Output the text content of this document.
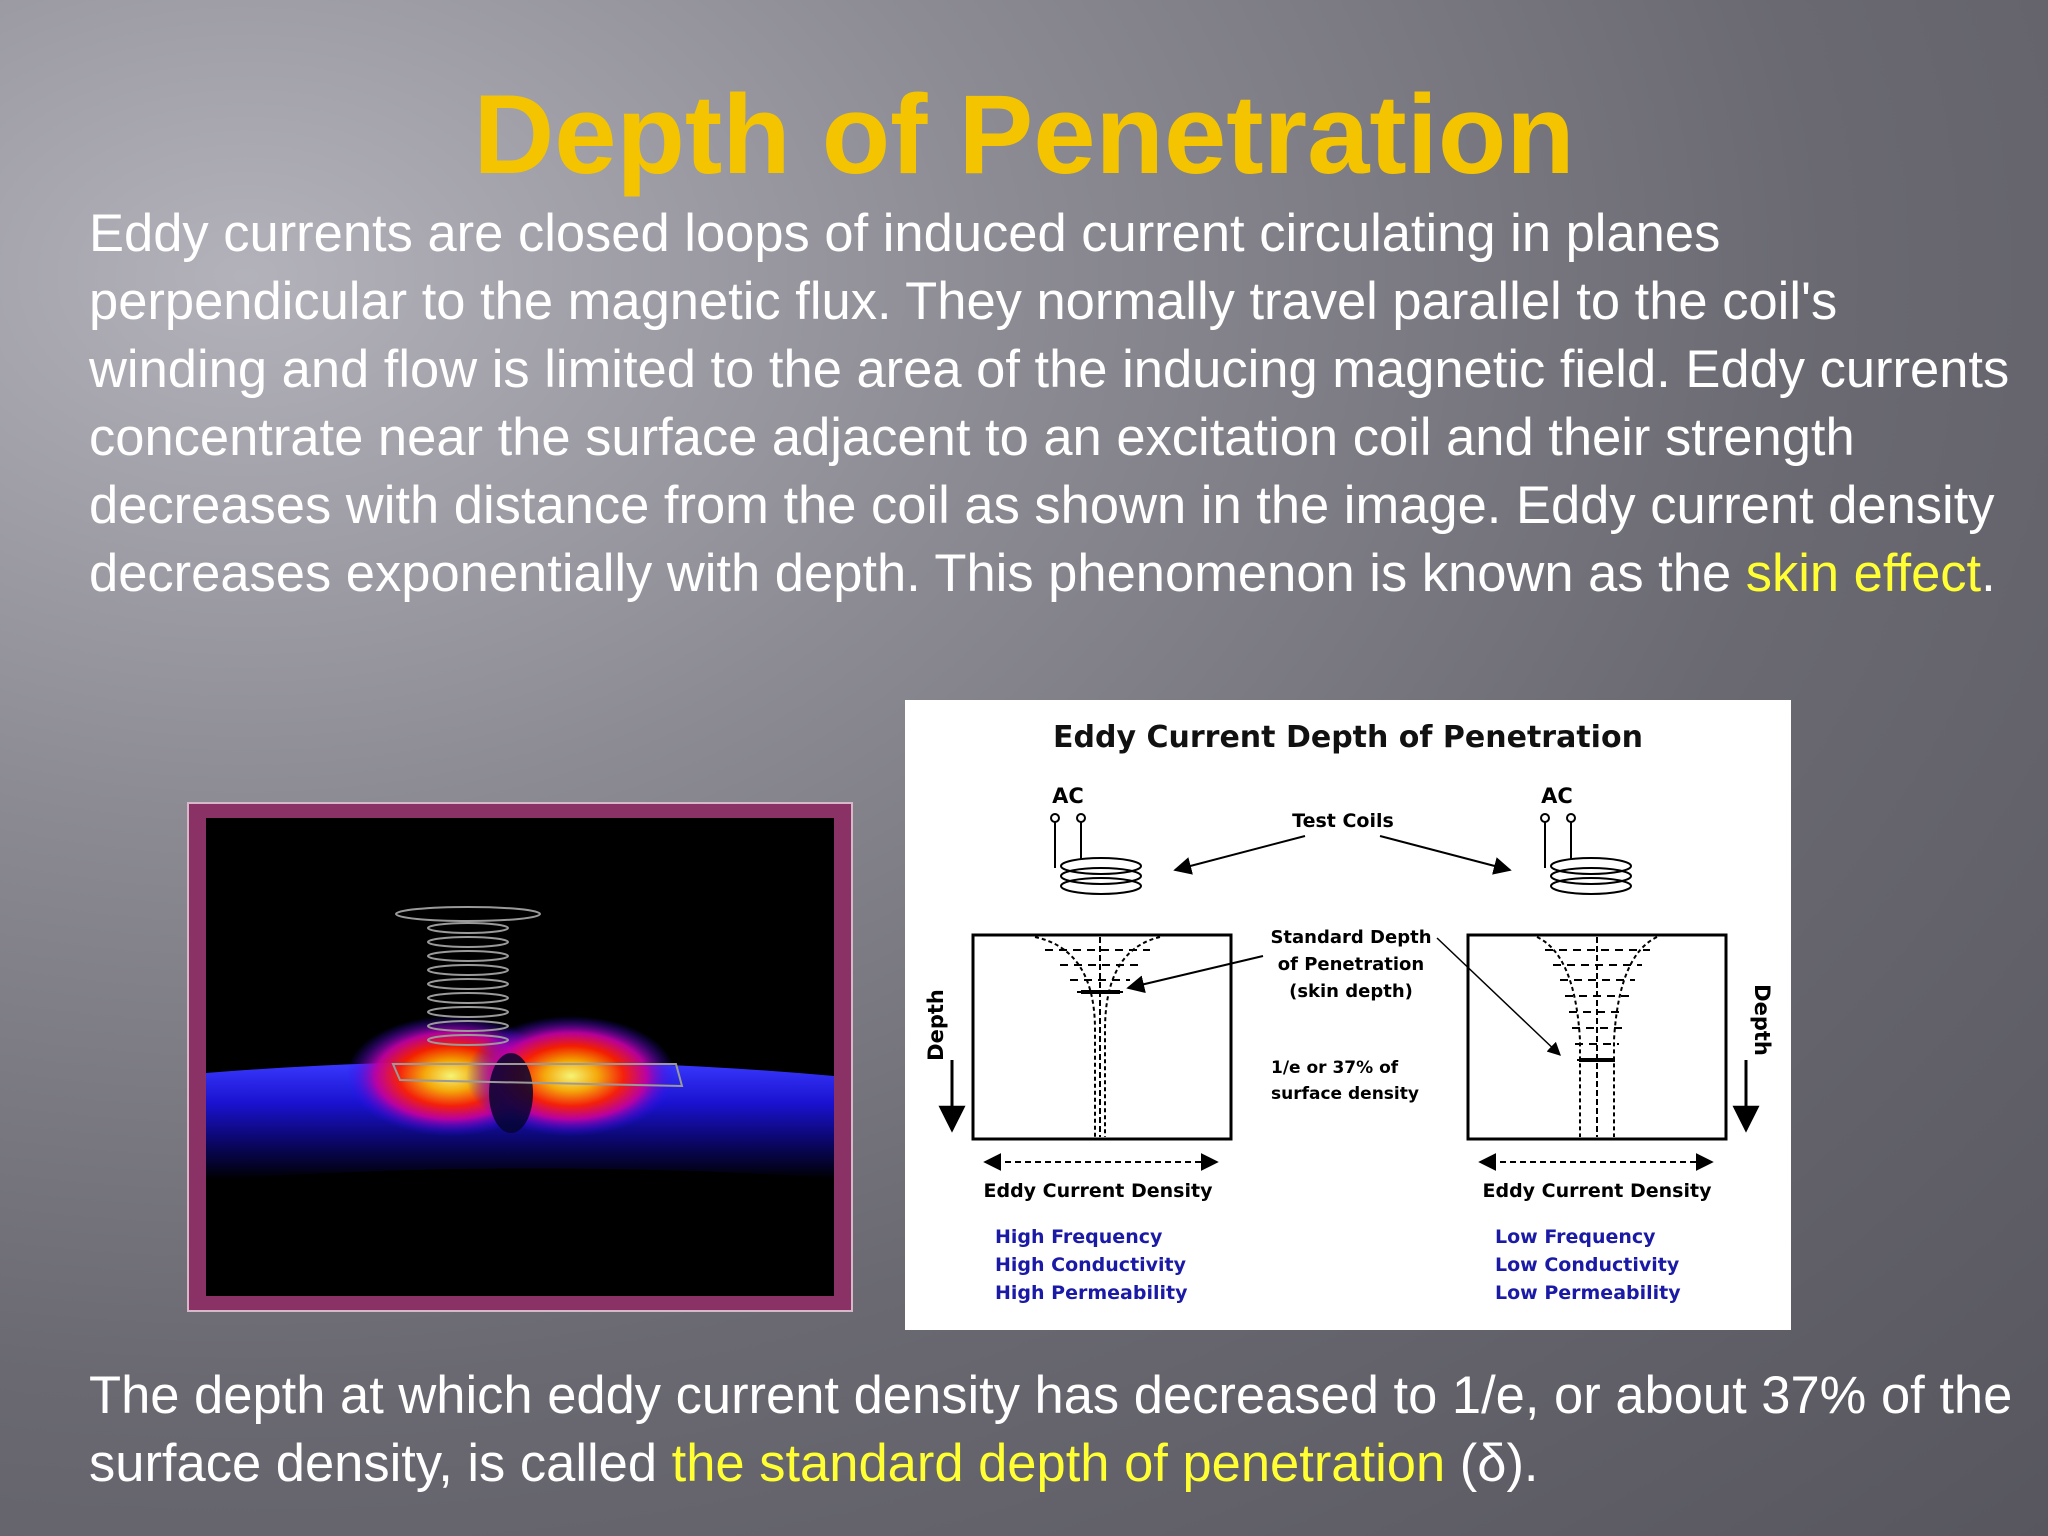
Depth of Penetration
Eddy currents are closed loops of induced current circulating in planes perpendicular to the magnetic flux. They normally travel parallel to the coil's winding and flow is limited to the area of the inducing magnetic field. Eddy currents concentrate near the surface adjacent to an excitation coil and their strength decreases with distance from the coil as shown in the image. Eddy current density decreases exponentially with depth. This phenomenon is known as the skin effect.
Eddy Current Depth of Penetration
AC	AC
Test Coils
Standard Depth
of Penetration
(skin depth)
1/e or 37% of
surface density
Depth	Depth
Eddy Current Density	Eddy Current Density
High Frequency
High Conductivity
High Permeability
Low Frequency
Low Conductivity
Low Permeability
The depth at which eddy current density has decreased to 1/e, or about 37% of the surface density, is called the standard depth of penetration (δ).
